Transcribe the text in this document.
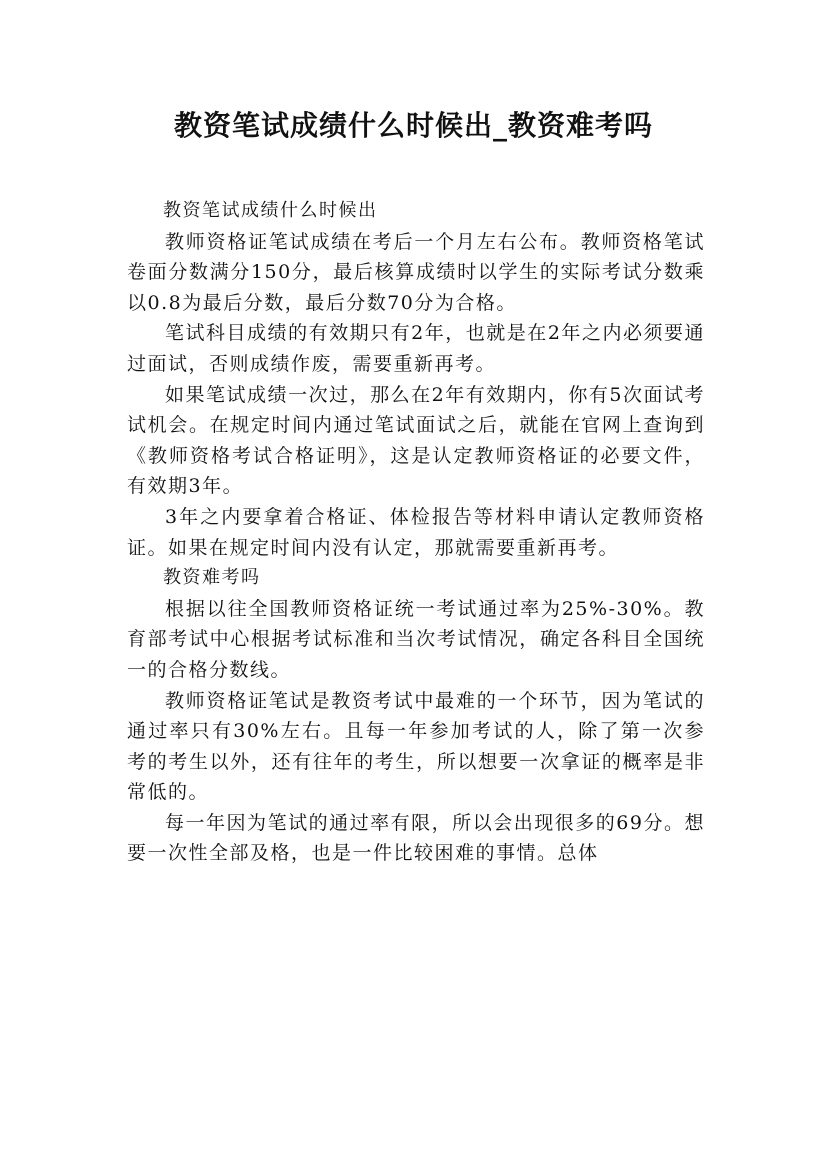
教资笔试成绩什么时候出_教资难考吗

教资笔试成绩什么时候出

教师资格证笔试成绩在考后一个月左右公布。教师资格笔试卷面分数满分150分，最后核算成绩时以学生的实际考试分数乘以0.8为最后分数，最后分数70分为合格。

笔试科目成绩的有效期只有2年，也就是在2年之内必须要通过面试，否则成绩作废，需要重新再考。

如果笔试成绩一次过，那么在2年有效期内，你有5次面试考试机会。在规定时间内通过笔试面试之后，就能在官网上查询到《教师资格考试合格证明》，这是认定教师资格证的必要文件，有效期3年。

3年之内要拿着合格证、体检报告等材料申请认定教师资格证。如果在规定时间内没有认定，那就需要重新再考。

教资难考吗

根据以往全国教师资格证统一考试通过率为25%-30%。教育部考试中心根据考试标准和当次考试情况，确定各科目全国统一的合格分数线。

教师资格证笔试是教资考试中最难的一个环节，因为笔试的通过率只有30%左右。且每一年参加考试的人，除了第一次参考的考生以外，还有往年的考生，所以想要一次拿证的概率是非常低的。

每一年因为笔试的通过率有限，所以会出现很多的69分。想要一次性全部及格，也是一件比较困难的事情。总体
